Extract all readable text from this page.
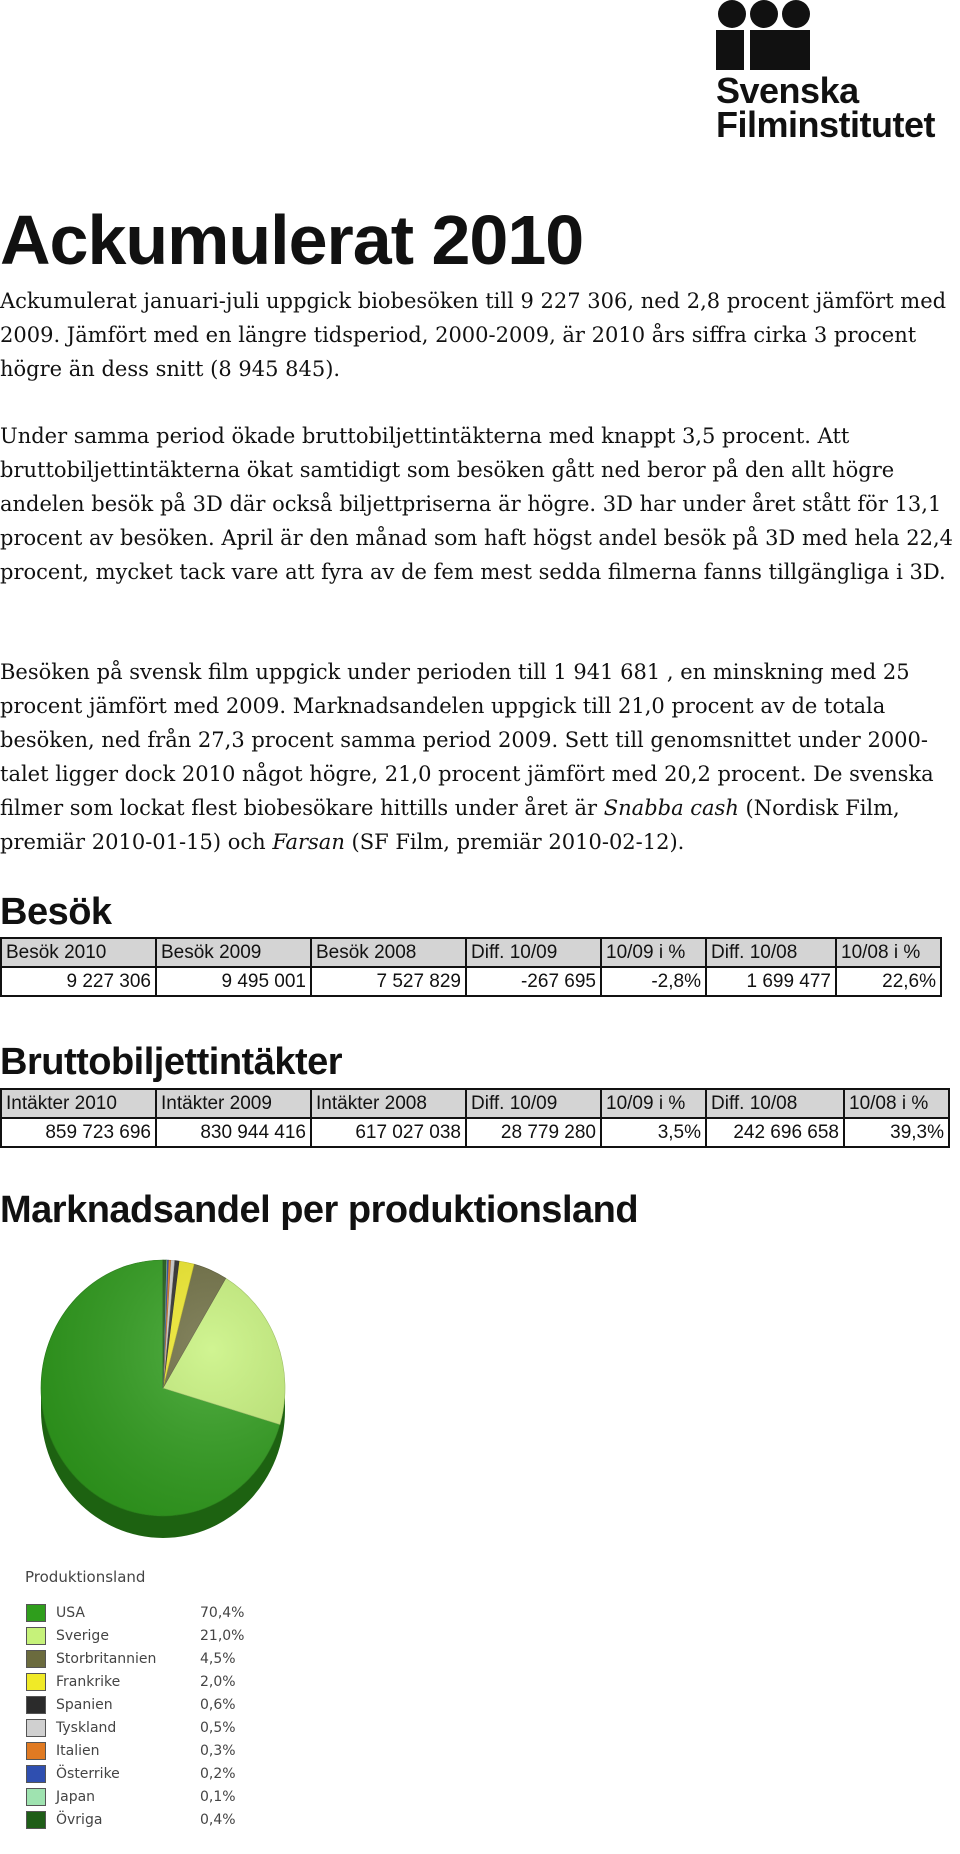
Svenska
Filminstitutet
Ackumulerat 2010

Ackumulerat januari-juli uppgick biobesöken till 9 227 306, ned 2,8 procent jämfört med 2009. Jämfört med en längre tidsperiod, 2000-2009, är 2010 års siffra cirka 3 procent högre än dess snitt (8 945 845).

Under samma period ökade bruttobiljettintäkterna med knappt 3,5 procent. Att bruttobiljettintäkterna ökat samtidigt som besöken gått ned beror på den allt högre andelen besök på 3D där också biljettpriserna är högre. 3D har under året stått för 13,1 procent av besöken. April är den månad som haft högst andel besök på 3D med hela 22,4 procent, mycket tack vare att fyra av de fem mest sedda filmerna fanns tillgängliga i 3D.

Besöken på svensk film uppgick under perioden till 1 941 681 , en minskning med 25 procent jämfört med 2009. Marknadsandelen uppgick till 21,0 procent av de totala besöken, ned från 27,3 procent samma period 2009. Sett till genomsnittet under 2000-talet ligger dock 2010 något högre, 21,0 procent jämfört med 20,2 procent. De svenska filmer som lockat flest biobesökare hittills under året är Snabba cash (Nordisk Film, premiär 2010-01-15) och Farsan (SF Film, premiär 2010-02-12).

Besök
Besök 2010	Besök 2009	Besök 2008	Diff. 10/09	10/09 i %	Diff. 10/08	10/08 i %
9 227 306	9 495 001	7 527 829	-267 695	-2,8%	1 699 477	22,6%
Bruttobiljettintäkter
Intäkter 2010	Intäkter 2009	Intäkter 2008	Diff. 10/09	10/09 i %	Diff. 10/08	10/08 i %
859 723 696	830 944 416	617 027 038	28 779 280	3,5%	242 696 658	39,3%
Marknadsandel per produktionsland
Produktionsland
USA	70,4%
Sverige	21,0%
Storbritannien	4,5%
Frankrike	2,0%
Spanien	0,6%
Tyskland	0,5%
Italien	0,3%
Österrike	0,2%
Japan	0,1%
Övriga	0,4%
